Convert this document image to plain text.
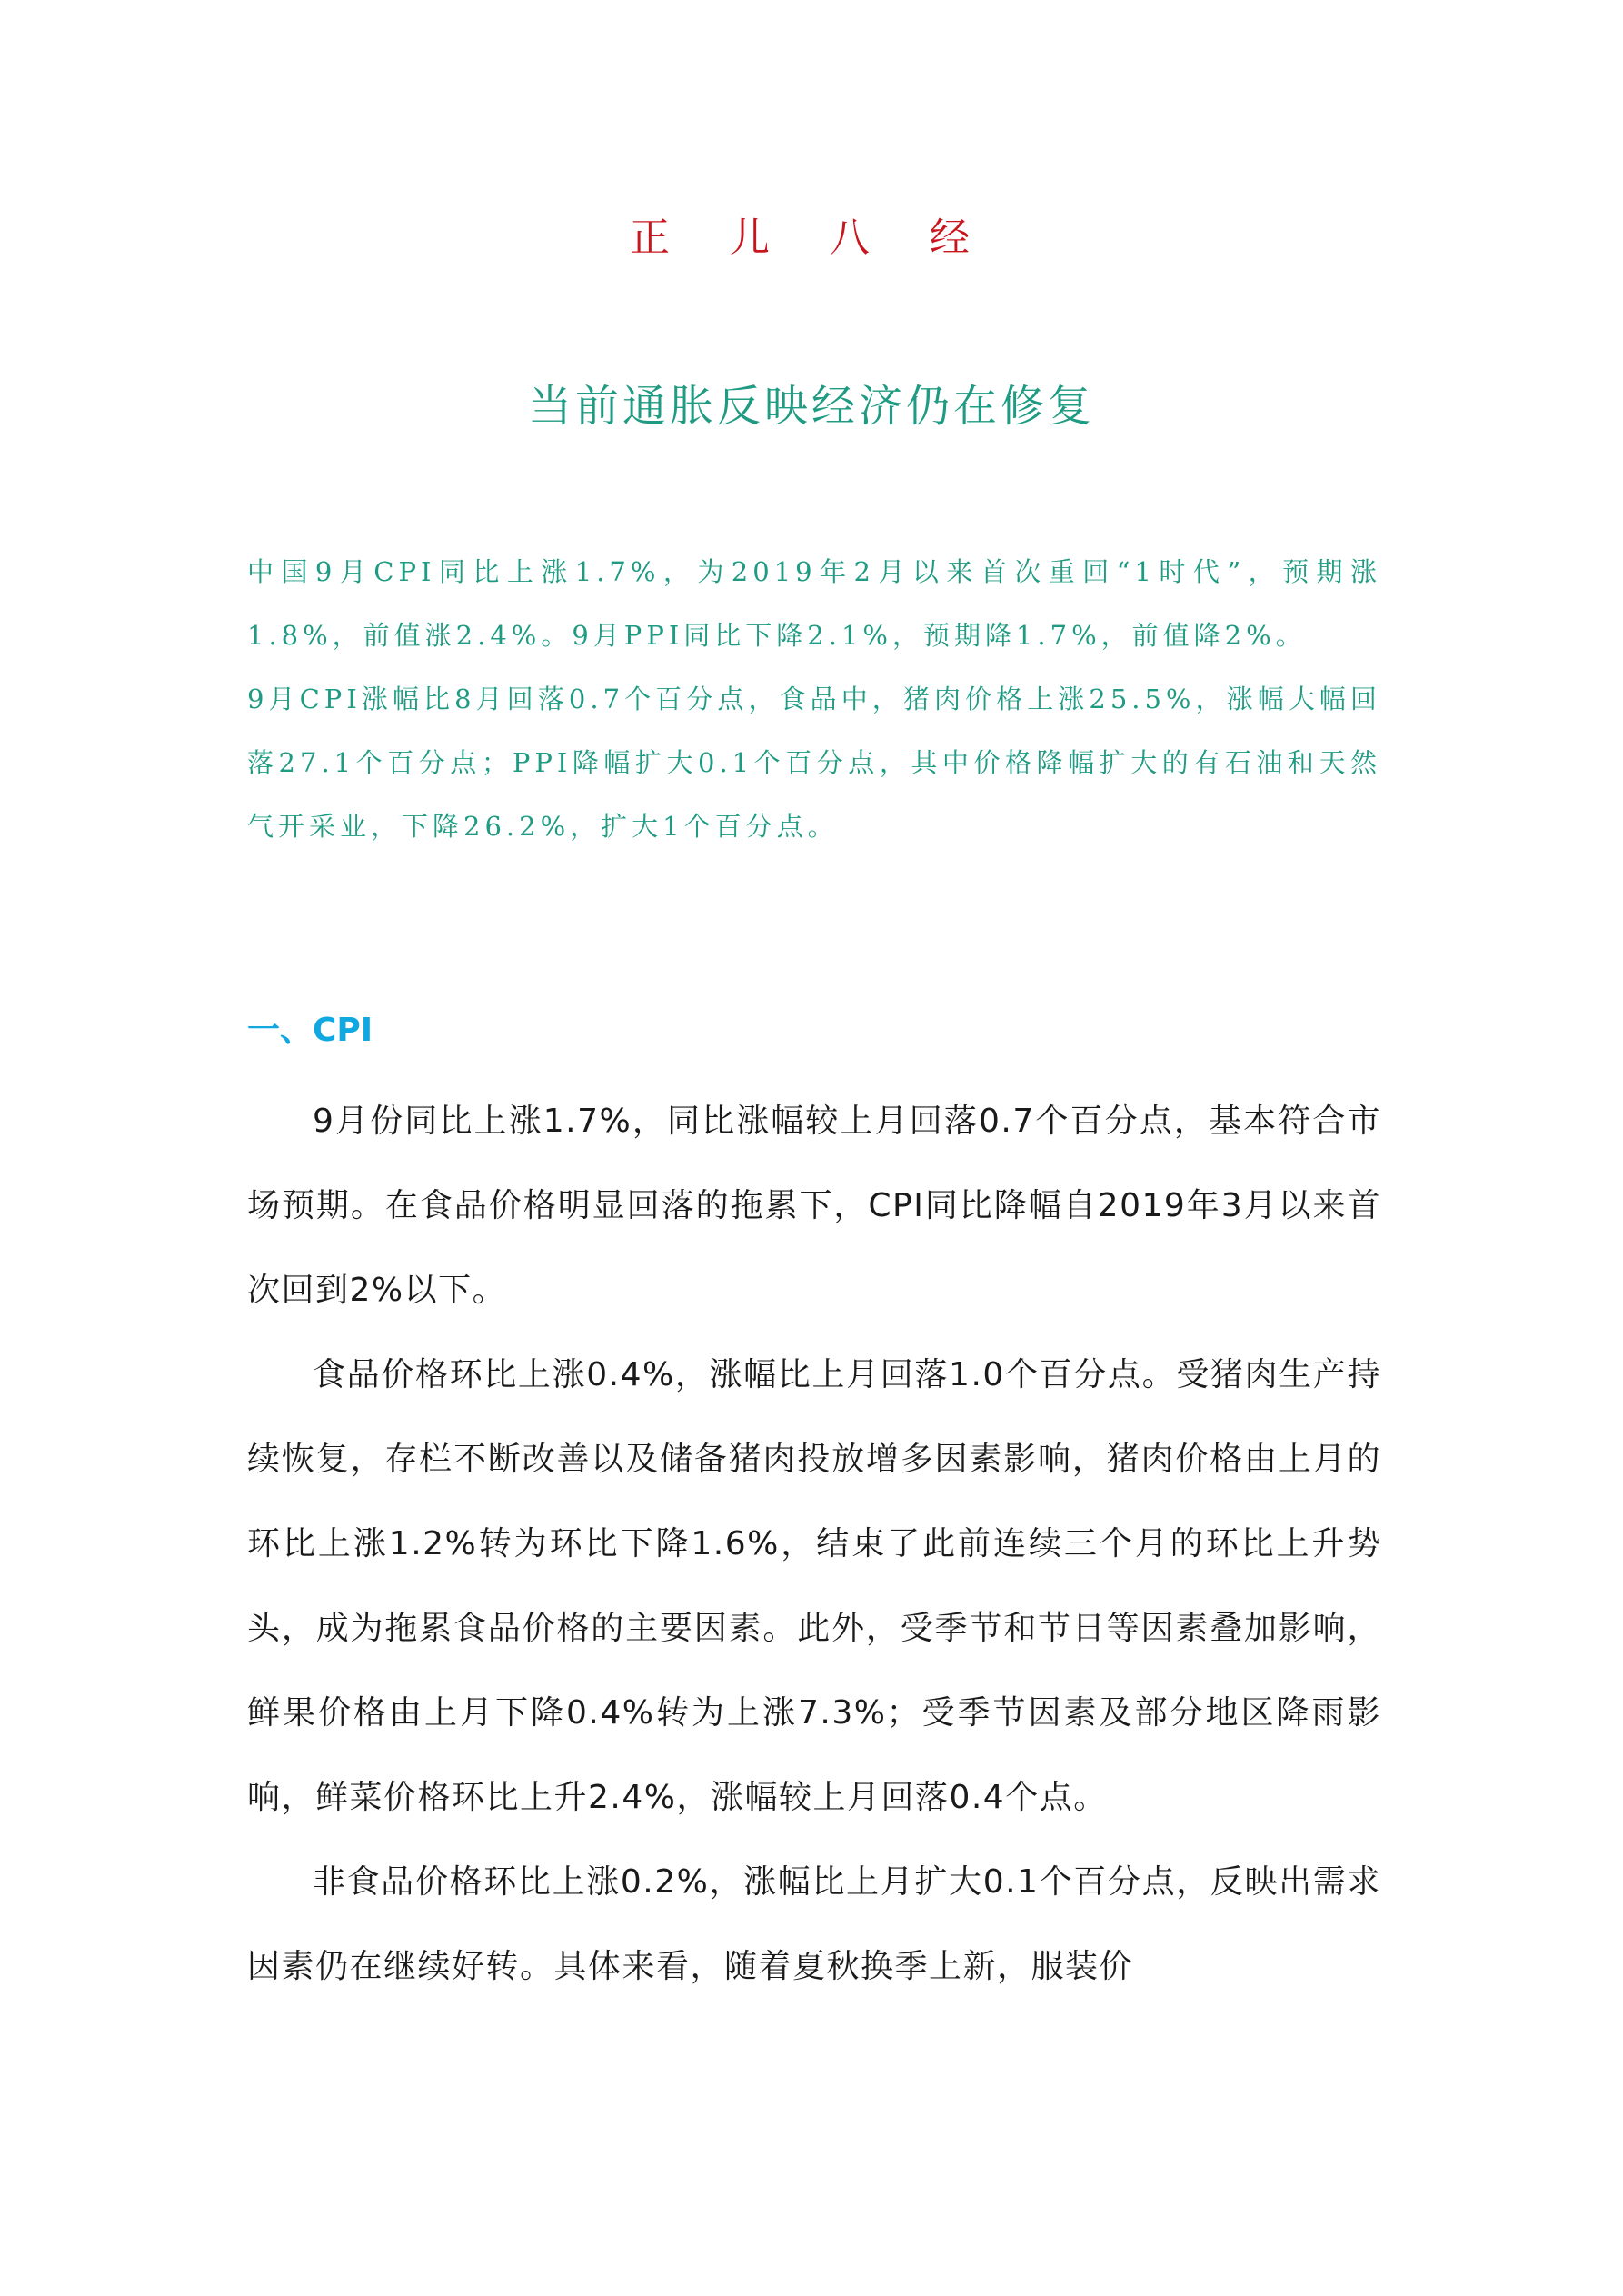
正 儿 八 经
当前通胀反映经济仍在修复

中国9月CPI同比上涨1.7%，为2019年2月以来首次重回“1时代”，预期涨1.8%，前值涨2.4%。9月PPI同比下降2.1%，预期降1.7%，前值降2%。

9月CPI涨幅比8月回落0.7个百分点，食品中，猪肉价格上涨25.5%，涨幅大幅回落27.1个百分点；PPI降幅扩大0.1个百分点，其中价格降幅扩大的有石油和天然气开采业，下降26.2%，扩大1个百分点。

一、CPI

9月份同比上涨1.7%，同比涨幅较上月回落0.7个百分点，基本符合市场预期。在食品价格明显回落的拖累下，CPI同比降幅自2019年3月以来首次回到2%以下。

食品价格环比上涨0.4%，涨幅比上月回落1.0个百分点。受猪肉生产持续恢复，存栏不断改善以及储备猪肉投放增多因素影响，猪肉价格由上月的环比上涨1.2%转为环比下降1.6%，结束了此前连续三个月的环比上升势头，成为拖累食品价格的主要因素。此外，受季节和节日等因素叠加影响，鲜果价格由上月下降0.4%转为上涨7.3%；受季节因素及部分地区降雨影响，鲜菜价格环比上升2.4%，涨幅较上月回落0.4个点。

非食品价格环比上涨0.2%，涨幅比上月扩大0.1个百分点，反映出需求因素仍在继续好转。具体来看，随着夏秋换季上新，服装价
